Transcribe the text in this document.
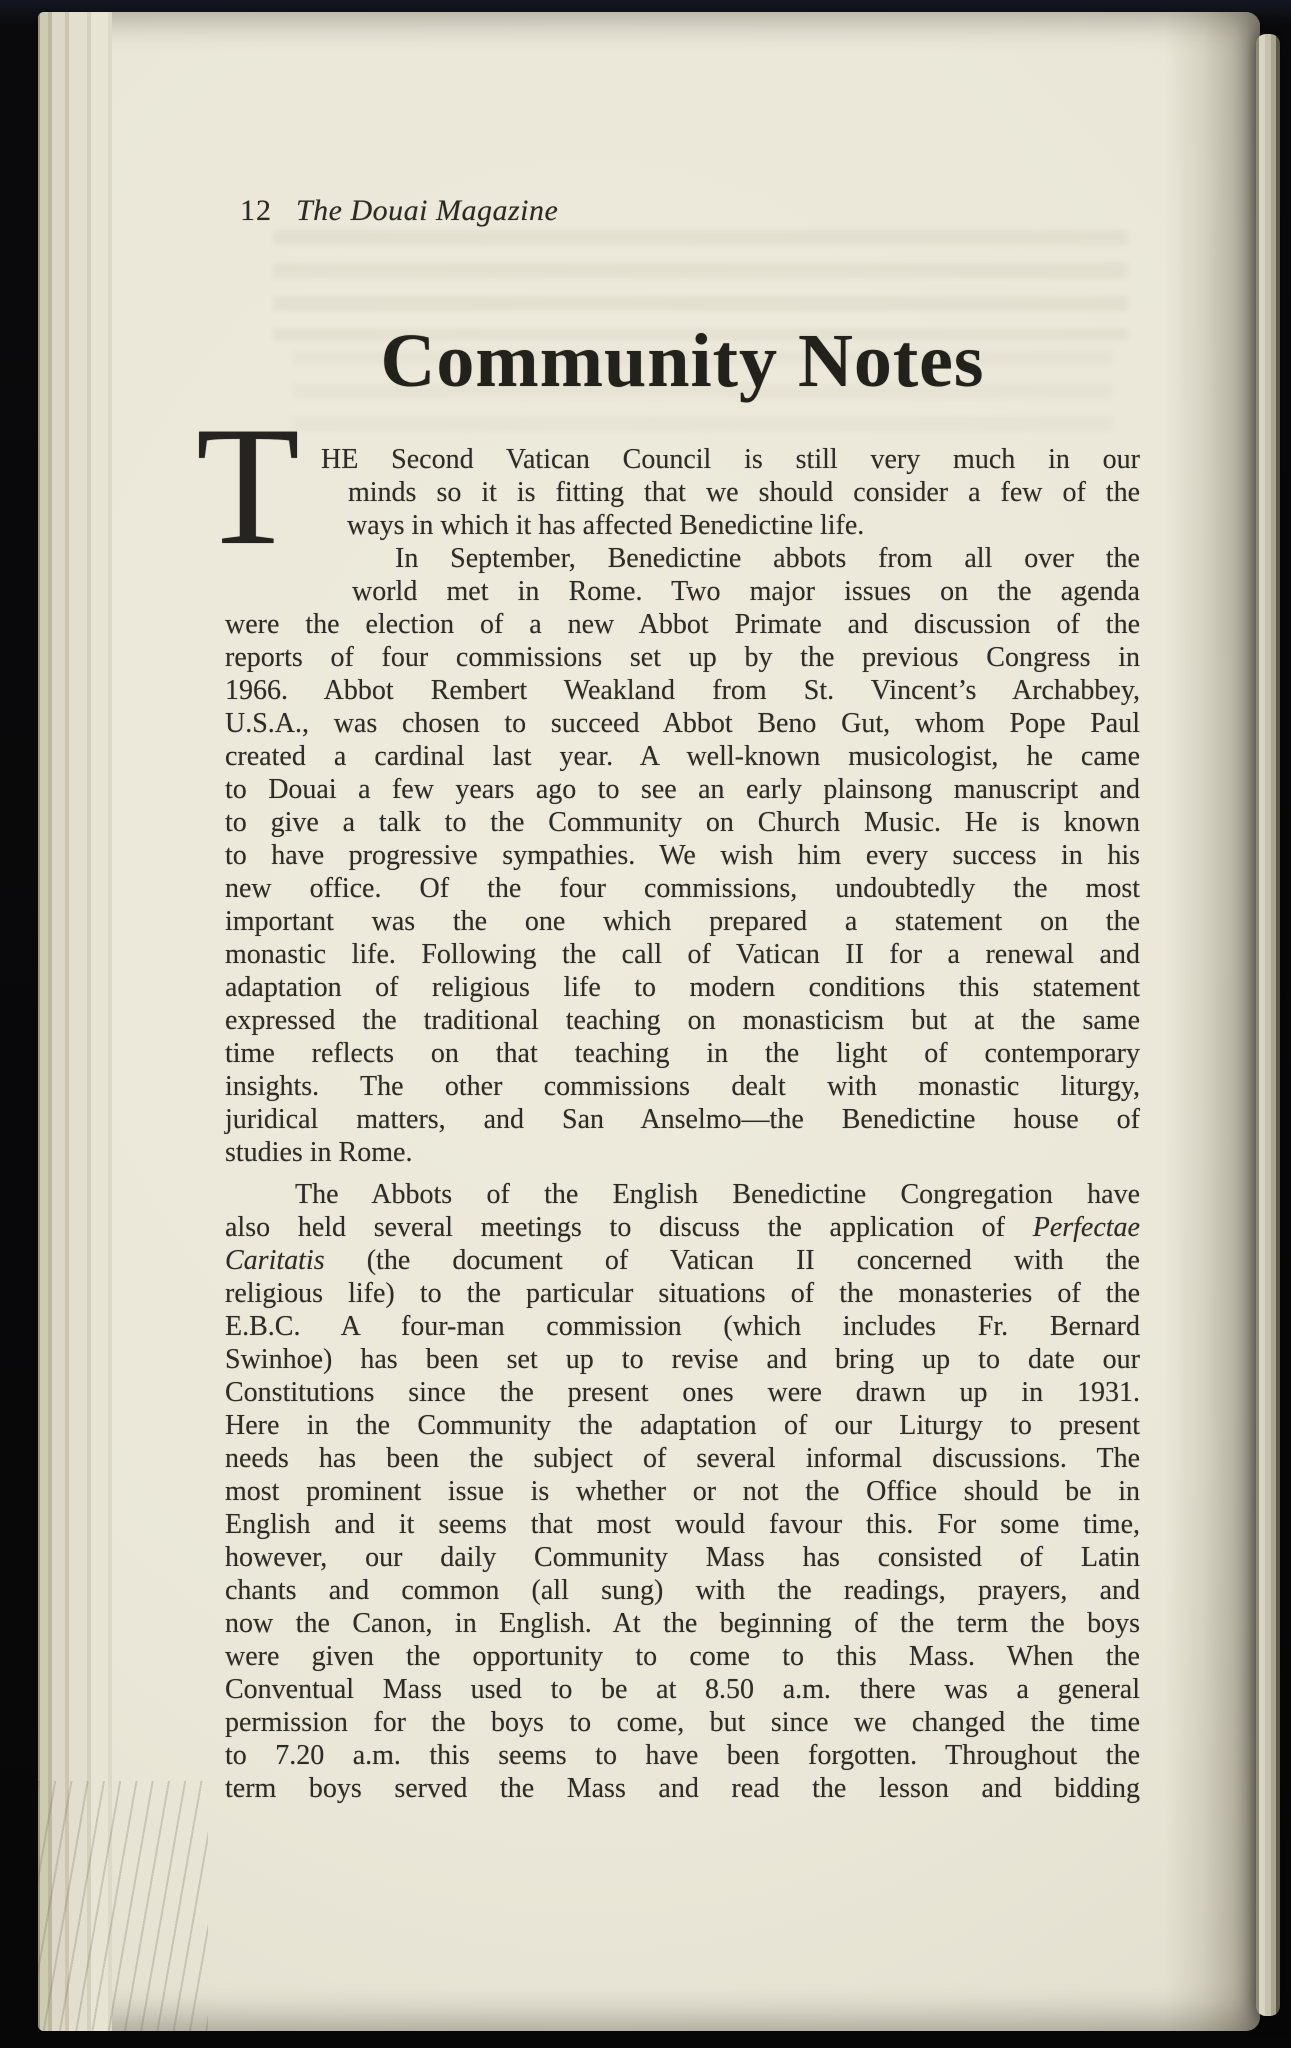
12 The Douai Magazine
Community Notes
T HE Second Vatican Council is still very much in our
minds so it is fitting that we should consider a few of the
ways in which it has affected Benedictine life.
In September, Benedictine abbots from all over the
world met in Rome. Two major issues on the agenda
were the election of a new Abbot Primate and discussion of the
reports of four commissions set up by the previous Congress in
1966. Abbot Rembert Weakland from St. Vincent’s Archabbey,
U.S.A., was chosen to succeed Abbot Beno Gut, whom Pope Paul
created a cardinal last year. A well-known musicologist, he came
to Douai a few years ago to see an early plainsong manuscript and
to give a talk to the Community on Church Music. He is known
to have progressive sympathies. We wish him every success in his
new office. Of the four commissions, undoubtedly the most
important was the one which prepared a statement on the
monastic life. Following the call of Vatican II for a renewal and
adaptation of religious life to modern conditions this statement
expressed the traditional teaching on monasticism but at the same
time reflects on that teaching in the light of contemporary
insights. The other commissions dealt with monastic liturgy,
juridical matters, and San Anselmo—the Benedictine house of
studies in Rome.
The Abbots of the English Benedictine Congregation have
also held several meetings to discuss the application of Perfectae
Caritatis (the document of Vatican II concerned with the
religious life) to the particular situations of the monasteries of the
E.B.C. A four-man commission (which includes Fr. Bernard
Swinhoe) has been set up to revise and bring up to date our
Constitutions since the present ones were drawn up in 1931.
Here in the Community the adaptation of our Liturgy to present
needs has been the subject of several informal discussions. The
most prominent issue is whether or not the Office should be in
English and it seems that most would favour this. For some time,
however, our daily Community Mass has consisted of Latin
chants and common (all sung) with the readings, prayers, and
now the Canon, in English. At the beginning of the term the boys
were given the opportunity to come to this Mass. When the
Conventual Mass used to be at 8.50 a.m. there was a general
permission for the boys to come, but since we changed the time
to 7.20 a.m. this seems to have been forgotten. Throughout the
term boys served the Mass and read the lesson and bidding
